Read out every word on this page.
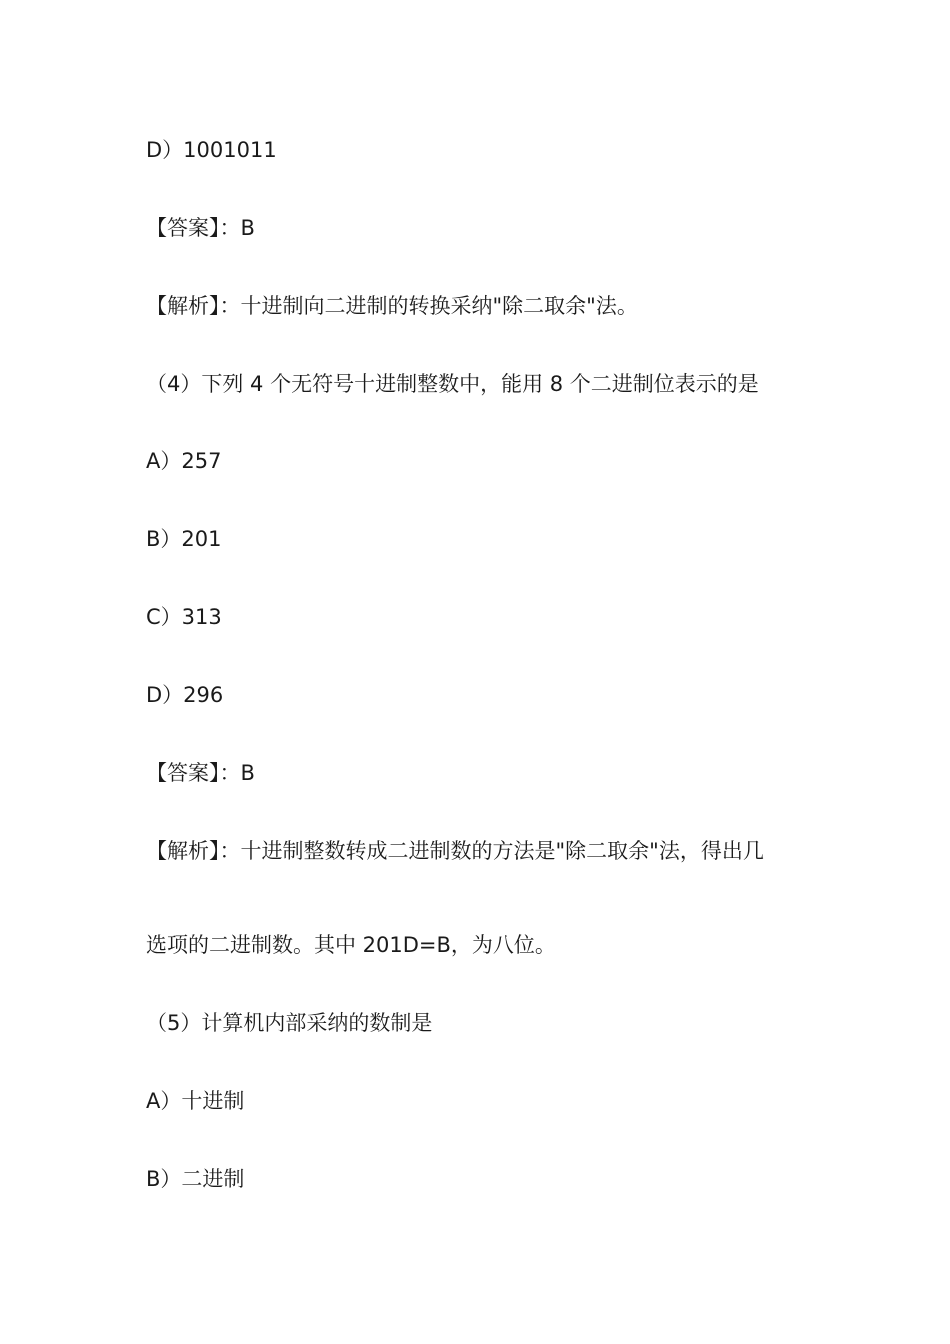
D）1001011
【答案】：B
【解析】：十进制向二进制的转换采纳"除二取余"法。
（4）下列 4 个无符号十进制整数中，能用 8 个二进制位表示的是
A）257
B）201
C）313
D）296
【答案】：B
【解析】：十进制整数转成二进制数的方法是"除二取余"法，得出几
选项的二进制数。其中 201D=B，为八位。
（5）计算机内部采纳的数制是
A）十进制
B）二进制
